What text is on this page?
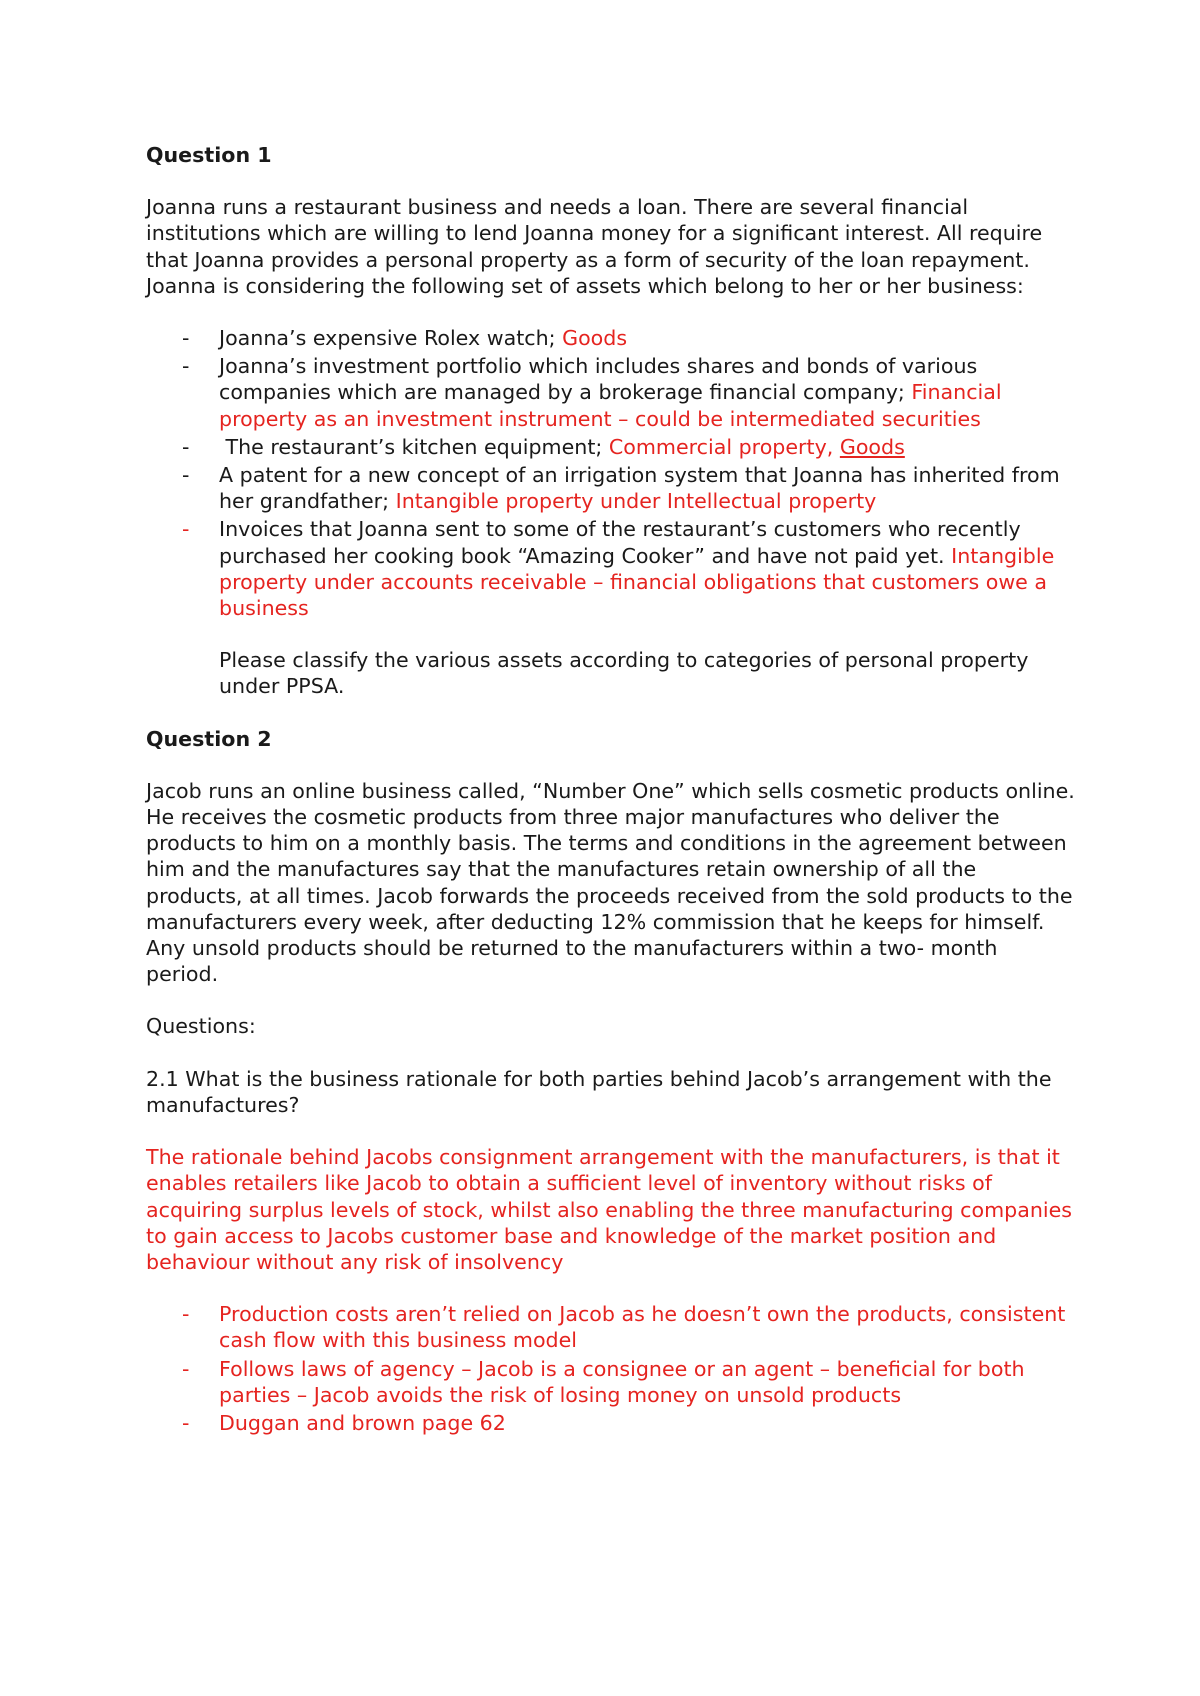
Question 1

Joanna runs a restaurant business and needs a loan. There are several financial institutions which are willing to lend Joanna money for a significant interest. All require that Joanna provides a personal property as a form of security of the loan repayment. Joanna is considering the following set of assets which belong to her or her business:

- Joanna’s expensive Rolex watch; Goods
- Joanna’s investment portfolio which includes shares and bonds of various companies which are managed by a brokerage financial company; Financial property as an investment instrument – could be intermediated securities
- The restaurant’s kitchen equipment; Commercial property, Goods
- A patent for a new concept of an irrigation system that Joanna has inherited from her grandfather; Intangible property under Intellectual property
- Invoices that Joanna sent to some of the restaurant’s customers who recently purchased her cooking book “Amazing Cooker” and have not paid yet. Intangible property under accounts receivable – financial obligations that customers owe a business
Please classify the various assets according to categories of personal property under PPSA.
Question 2

Jacob runs an online business called, “Number One” which sells cosmetic products online. He receives the cosmetic products from three major manufactures who deliver the products to him on a monthly basis. The terms and conditions in the agreement between him and the manufactures say that the manufactures retain ownership of all the products, at all times. Jacob forwards the proceeds received from the sold products to the manufacturers every week, after deducting 12% commission that he keeps for himself. Any unsold products should be returned to the manufacturers within a two- month period.

Questions:

2.1 What is the business rationale for both parties behind Jacob’s arrangement with the manufactures?

The rationale behind Jacobs consignment arrangement with the manufacturers, is that it enables retailers like Jacob to obtain a sufficient level of inventory without risks of acquiring surplus levels of stock, whilst also enabling the three manufacturing companies to gain access to Jacobs customer base and knowledge of the market position and behaviour without any risk of insolvency

- Production costs aren’t relied on Jacob as he doesn’t own the products, consistent cash flow with this business model
- Follows laws of agency – Jacob is a consignee or an agent – beneficial for both parties – Jacob avoids the risk of losing money on unsold products
- Duggan and brown page 62
